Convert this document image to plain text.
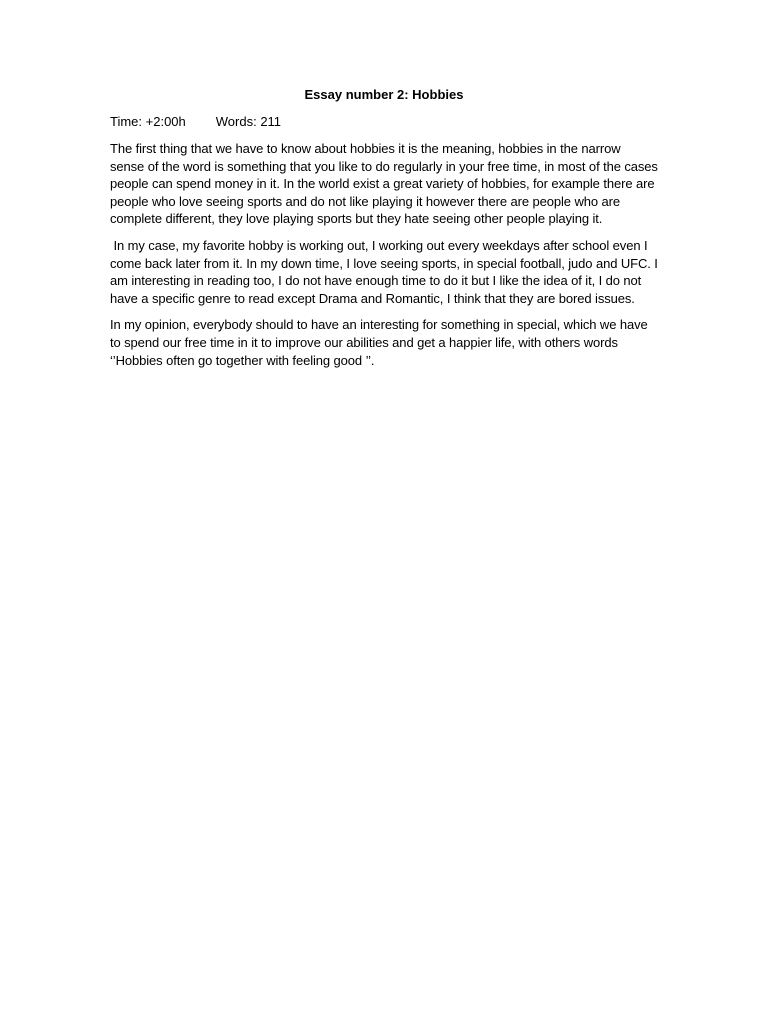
Essay number 2: Hobbies
Time: +2:00h Words: 211

The first thing that we have to know about hobbies it is the meaning, hobbies in the narrow sense of the word is something that you like to do regularly in your free time, in most of the cases people can spend money in it. In the world exist a great variety of hobbies, for example there are people who love seeing sports and do not like playing it however there are people who are complete different, they love playing sports but they hate seeing other people playing it.

In my case, my favorite hobby is working out, I working out every weekdays after school even I come back later from it. In my down time, I love seeing sports, in special football, judo and UFC. I am interesting in reading too, I do not have enough time to do it but I like the idea of it, I do not have a specific genre to read except Drama and Romantic, I think that they are bored issues.

In my opinion, everybody should to have an interesting for something in special, which we have to spend our free time in it to improve our abilities and get a happier life, with others words ‘’Hobbies often go together with feeling good ’’.
